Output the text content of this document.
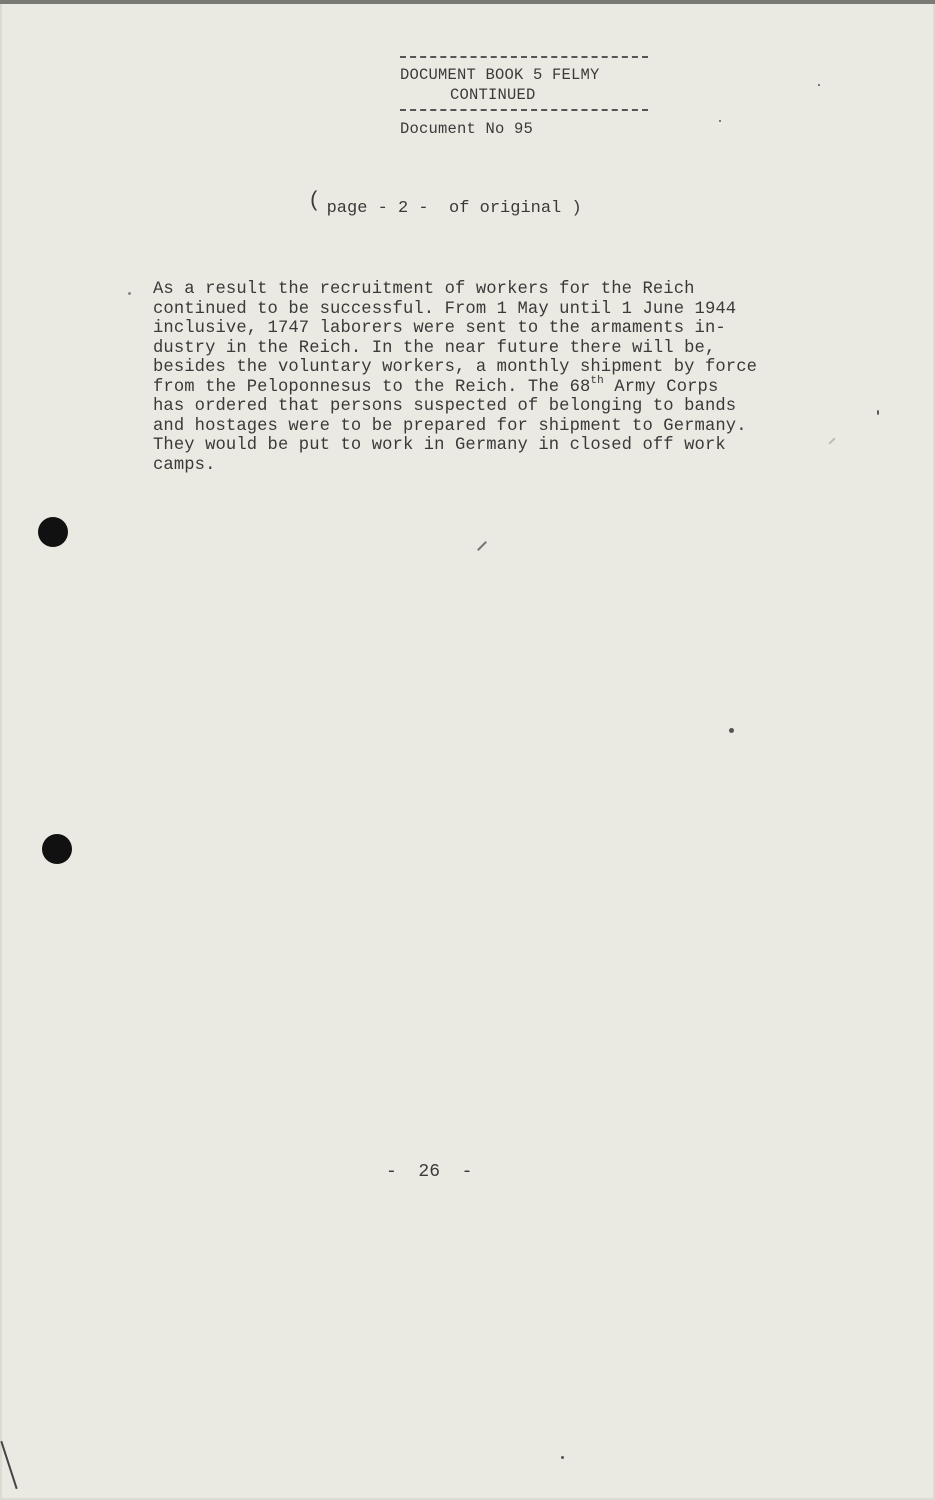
DOCUMENT BOOK 5 FELMY
CONTINUED
Document No 95
( page - 2 -  of original )
As a result the recruitment of workers for the Reich
continued to be successful. From 1 May until 1 June 1944
inclusive, 1747 laborers were sent to the armaments in-
dustry in the Reich. In the near future there will be,
besides the voluntary workers, a monthly shipment by force
from the Peloponnesus to the Reich. The 68th Army Corps
has ordered that persons suspected of belonging to bands
and hostages were to be prepared for shipment to Germany.
They would be put to work in Germany in closed off work
camps.
-  26  -
